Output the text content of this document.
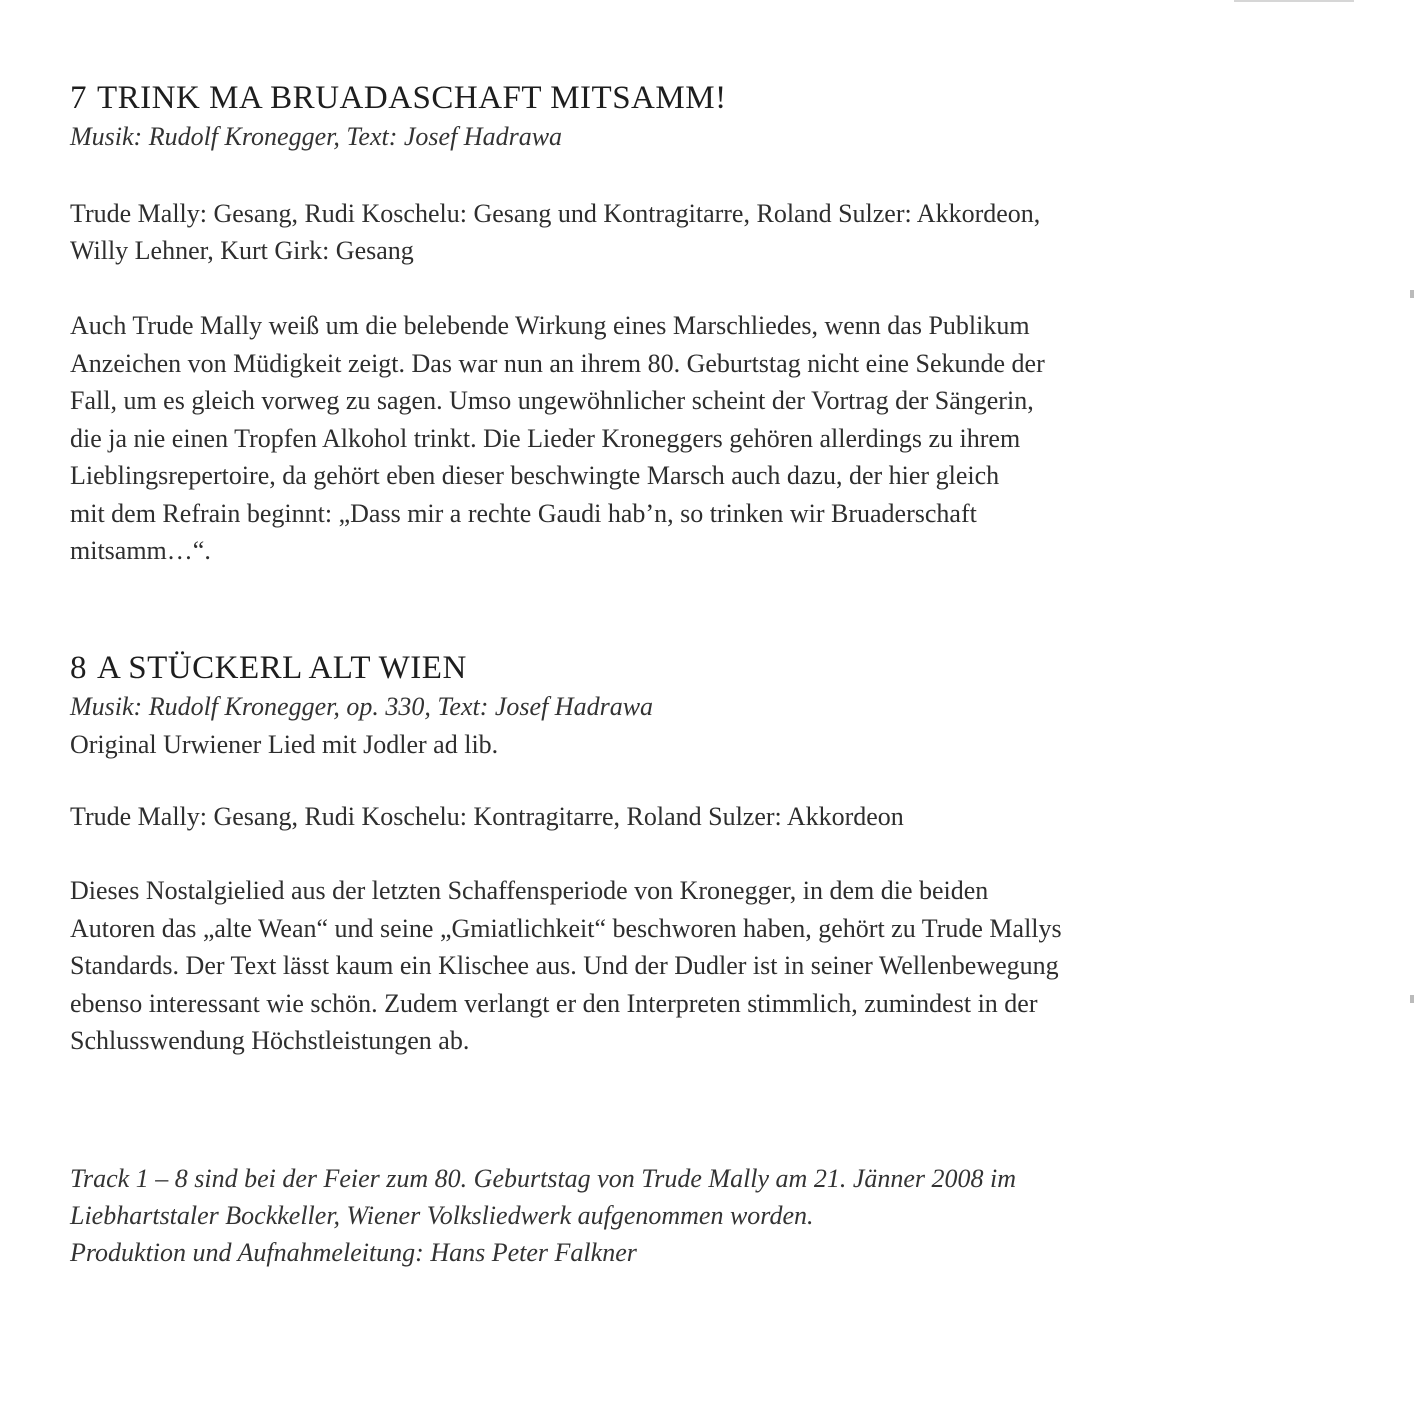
7 TRINK MA BRUADASCHAFT MITSAMM!

Musik: Rudolf Kronegger, Text: Josef Hadrawa

Trude Mally: Gesang, Rudi Koschelu: Gesang und Kontragitarre, Roland Sulzer: Akkordeon,
Willy Lehner, Kurt Girk: Gesang

Auch Trude Mally weiß um die belebende Wirkung eines Marschliedes, wenn das Publikum
Anzeichen von Müdigkeit zeigt. Das war nun an ihrem 80. Geburtstag nicht eine Sekunde der
Fall, um es gleich vorweg zu sagen. Umso ungewöhnlicher scheint der Vortrag der Sängerin,
die ja nie einen Tropfen Alkohol trinkt. Die Lieder Kroneggers gehören allerdings zu ihrem
Lieblingsrepertoire, da gehört eben dieser beschwingte Marsch auch dazu, der hier gleich
mit dem Refrain beginnt: „Dass mir a rechte Gaudi hab’n, so trinken wir Bruaderschaft
mitsamm…“.

8 A STÜCKERL ALT WIEN

Musik: Rudolf Kronegger, op. 330, Text: Josef Hadrawa

Original Urwiener Lied mit Jodler ad lib.

Trude Mally: Gesang, Rudi Koschelu: Kontragitarre, Roland Sulzer: Akkordeon

Dieses Nostalgielied aus der letzten Schaffensperiode von Kronegger, in dem die beiden
Autoren das „alte Wean“ und seine „Gmiatlichkeit“ beschworen haben, gehört zu Trude Mallys
Standards. Der Text lässt kaum ein Klischee aus. Und der Dudler ist in seiner Wellenbewegung
ebenso interessant wie schön. Zudem verlangt er den Interpreten stimmlich, zumindest in der
Schlusswendung Höchstleistungen ab.

Track 1 – 8 sind bei der Feier zum 80. Geburtstag von Trude Mally am 21. Jänner 2008 im
Liebhartstaler Bockkeller, Wiener Volksliedwerk aufgenommen worden.
Produktion und Aufnahmeleitung: Hans Peter Falkner
